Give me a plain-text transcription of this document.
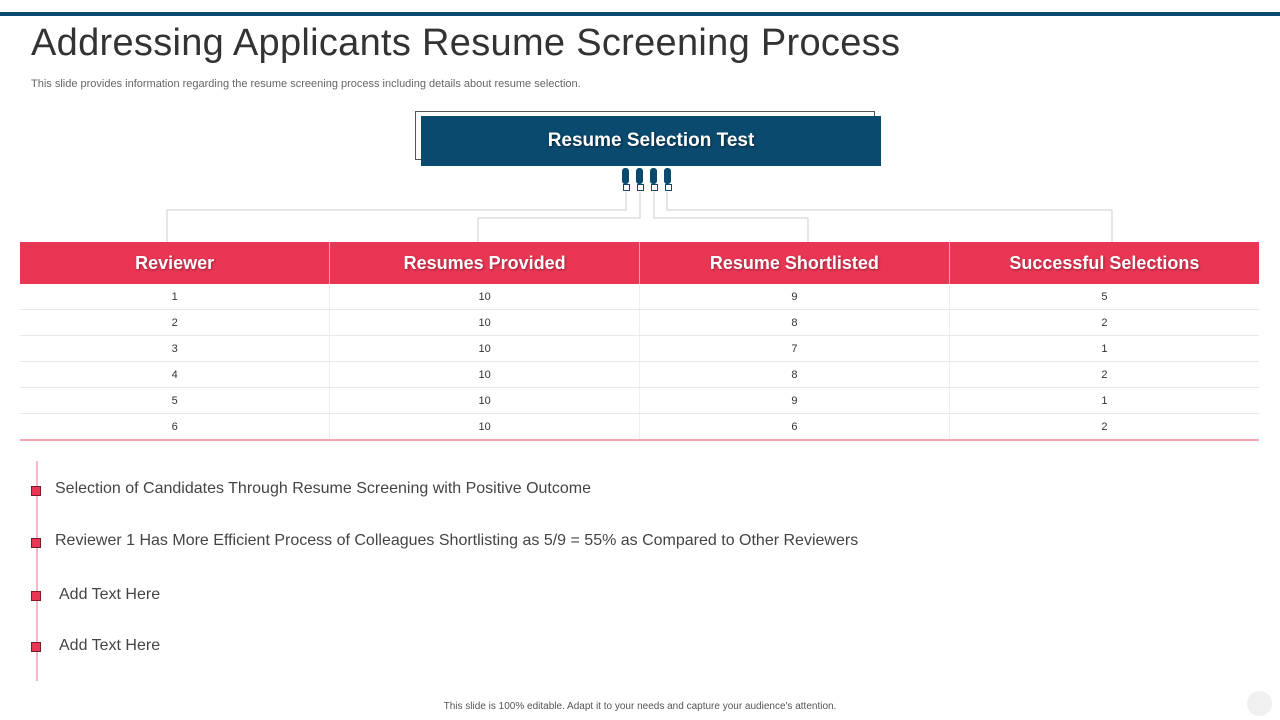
Addressing Applicants Resume Screening Process

This slide provides information regarding the resume screening process including details about resume selection.

Resume Selection Test
Reviewer	Resumes Provided	Resume Shortlisted	Successful Selections
1	10	9	5
2	10	8	2
3	10	7	1
4	10	8	2
5	10	9	1
6	10	6	2
Selection of Candidates Through Resume Screening with Positive Outcome
Reviewer 1 Has More Efficient Process of Colleagues Shortlisting as 5/9 = 55% as Compared to Other Reviewers
Add Text Here
Add Text Here
This slide is 100% editable. Adapt it to your needs and capture your audience's attention.
